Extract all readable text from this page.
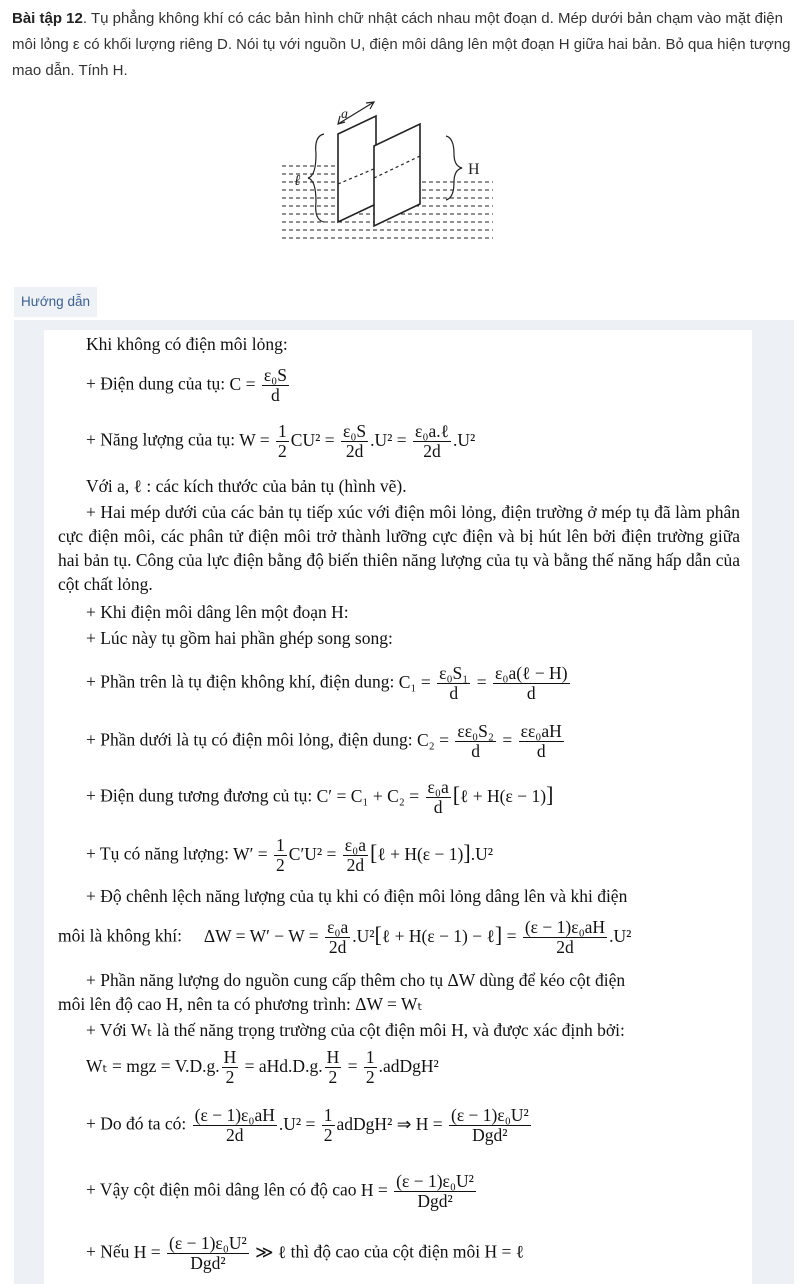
Bài tập 12. Tụ phẳng không khí có các bản hình chữ nhật cách nhau một đoạn d. Mép dưới bản chạm vào mặt điện môi lỏng ε có khối lượng riêng D. Nói tụ với nguồn U, điện môi dâng lên một đoạn H giữa hai bản. Bỏ qua hiện tượng mao dẫn. Tính H.
a
ℓ
H
Hướng dẫn
Khi không có điện môi lỏng:
+ Điện dung của tụ: $C = \frac{\text{ε₀S}}{d}$
+ Năng lượng của tụ: $W = \frac{1}{2} CU^2 = \frac{\text{ε₀S}}{2d} .U^2$ = ε₀a.ℓ
2d
.U²
Với a, ℓ : các kích thước của bản tụ (hình vẽ).
+ Hai mép dưới của các bản tụ tiếp xúc với điện môi lỏng, điện trường ở mép tụ đã làm phân cực điện môi, các phân tử điện môi trở thành lưỡng cực điện và bị hút lên bởi điện trường giữa hai bản tụ. Công của lực điện bằng độ biến thiên năng lượng của tụ và bằng thế năng hấp dẫn của cột chất lỏng.
+ Khi điện môi dâng lên một đoạn H:
+ Lúc này tụ gồm hai phần ghép song song:
+ Phần trên là tụ điện không khí, điện dung: $C_1 = \frac{\text{ε₀S₁}}{d}$ = ε₀a(ℓ − H)
d
+ Phần dưới là tụ có điện môi lỏng, điện dung: $C_2 = \frac{\text{εε₀S₂}}{d} = \frac{\text{εε₀aH}}{d}$
+ Điện dung tương đương củ tụ: $C' = C_1 + C_2 = \frac{\text{ε₀a}}{d}$ [ℓ + H(ε − 1)]
+ Tụ có năng lượng: $W' = \frac{1}{2} C'U^2 = \frac{\text{ε₀a}}{2d}$ [ℓ + H(ε − 1)].U²
+ Độ chênh lệch năng lượng của tụ khi có điện môi lỏng dâng lên và khi điện
môi là không khí: $\Delta W = W' - W = \frac{\text{ε₀a}}{2d}$ .U²[ℓ + H(ε − 1) − ℓ] = $\frac{\text{(ε − 1)ε₀aH}}{2d} .U^2$
+ Phần năng lượng do nguồn cung cấp thêm cho tụ ΔW dùng để kéo cột điện
môi lên độ cao H, nên ta có phương trình: ΔW = Wₜ
+ Với Wₜ là thế năng trọng trường của cột điện môi H, và được xác định bởi:
Wₜ = mgz = V.D.g. $\frac{H}{2} = aHd.D.g$. $\frac{H}{2} = \frac{1}{2}$ .adDgH²
+ Do đó ta có: $\frac{\text{(ε − 1)ε₀aH}}{2d} .U^2 = \frac{1}{2}$ adDgH² ⇒ H = (ε − 1)ε₀U²
Dgd²
+ Vậy cột điện môi dâng lên có độ cao H = (ε − 1)ε₀U²
Dgd²
+ Nếu H = (ε − 1)ε₀U²
Dgd²
≫ ℓ thì độ cao của cột điện môi H = ℓ
